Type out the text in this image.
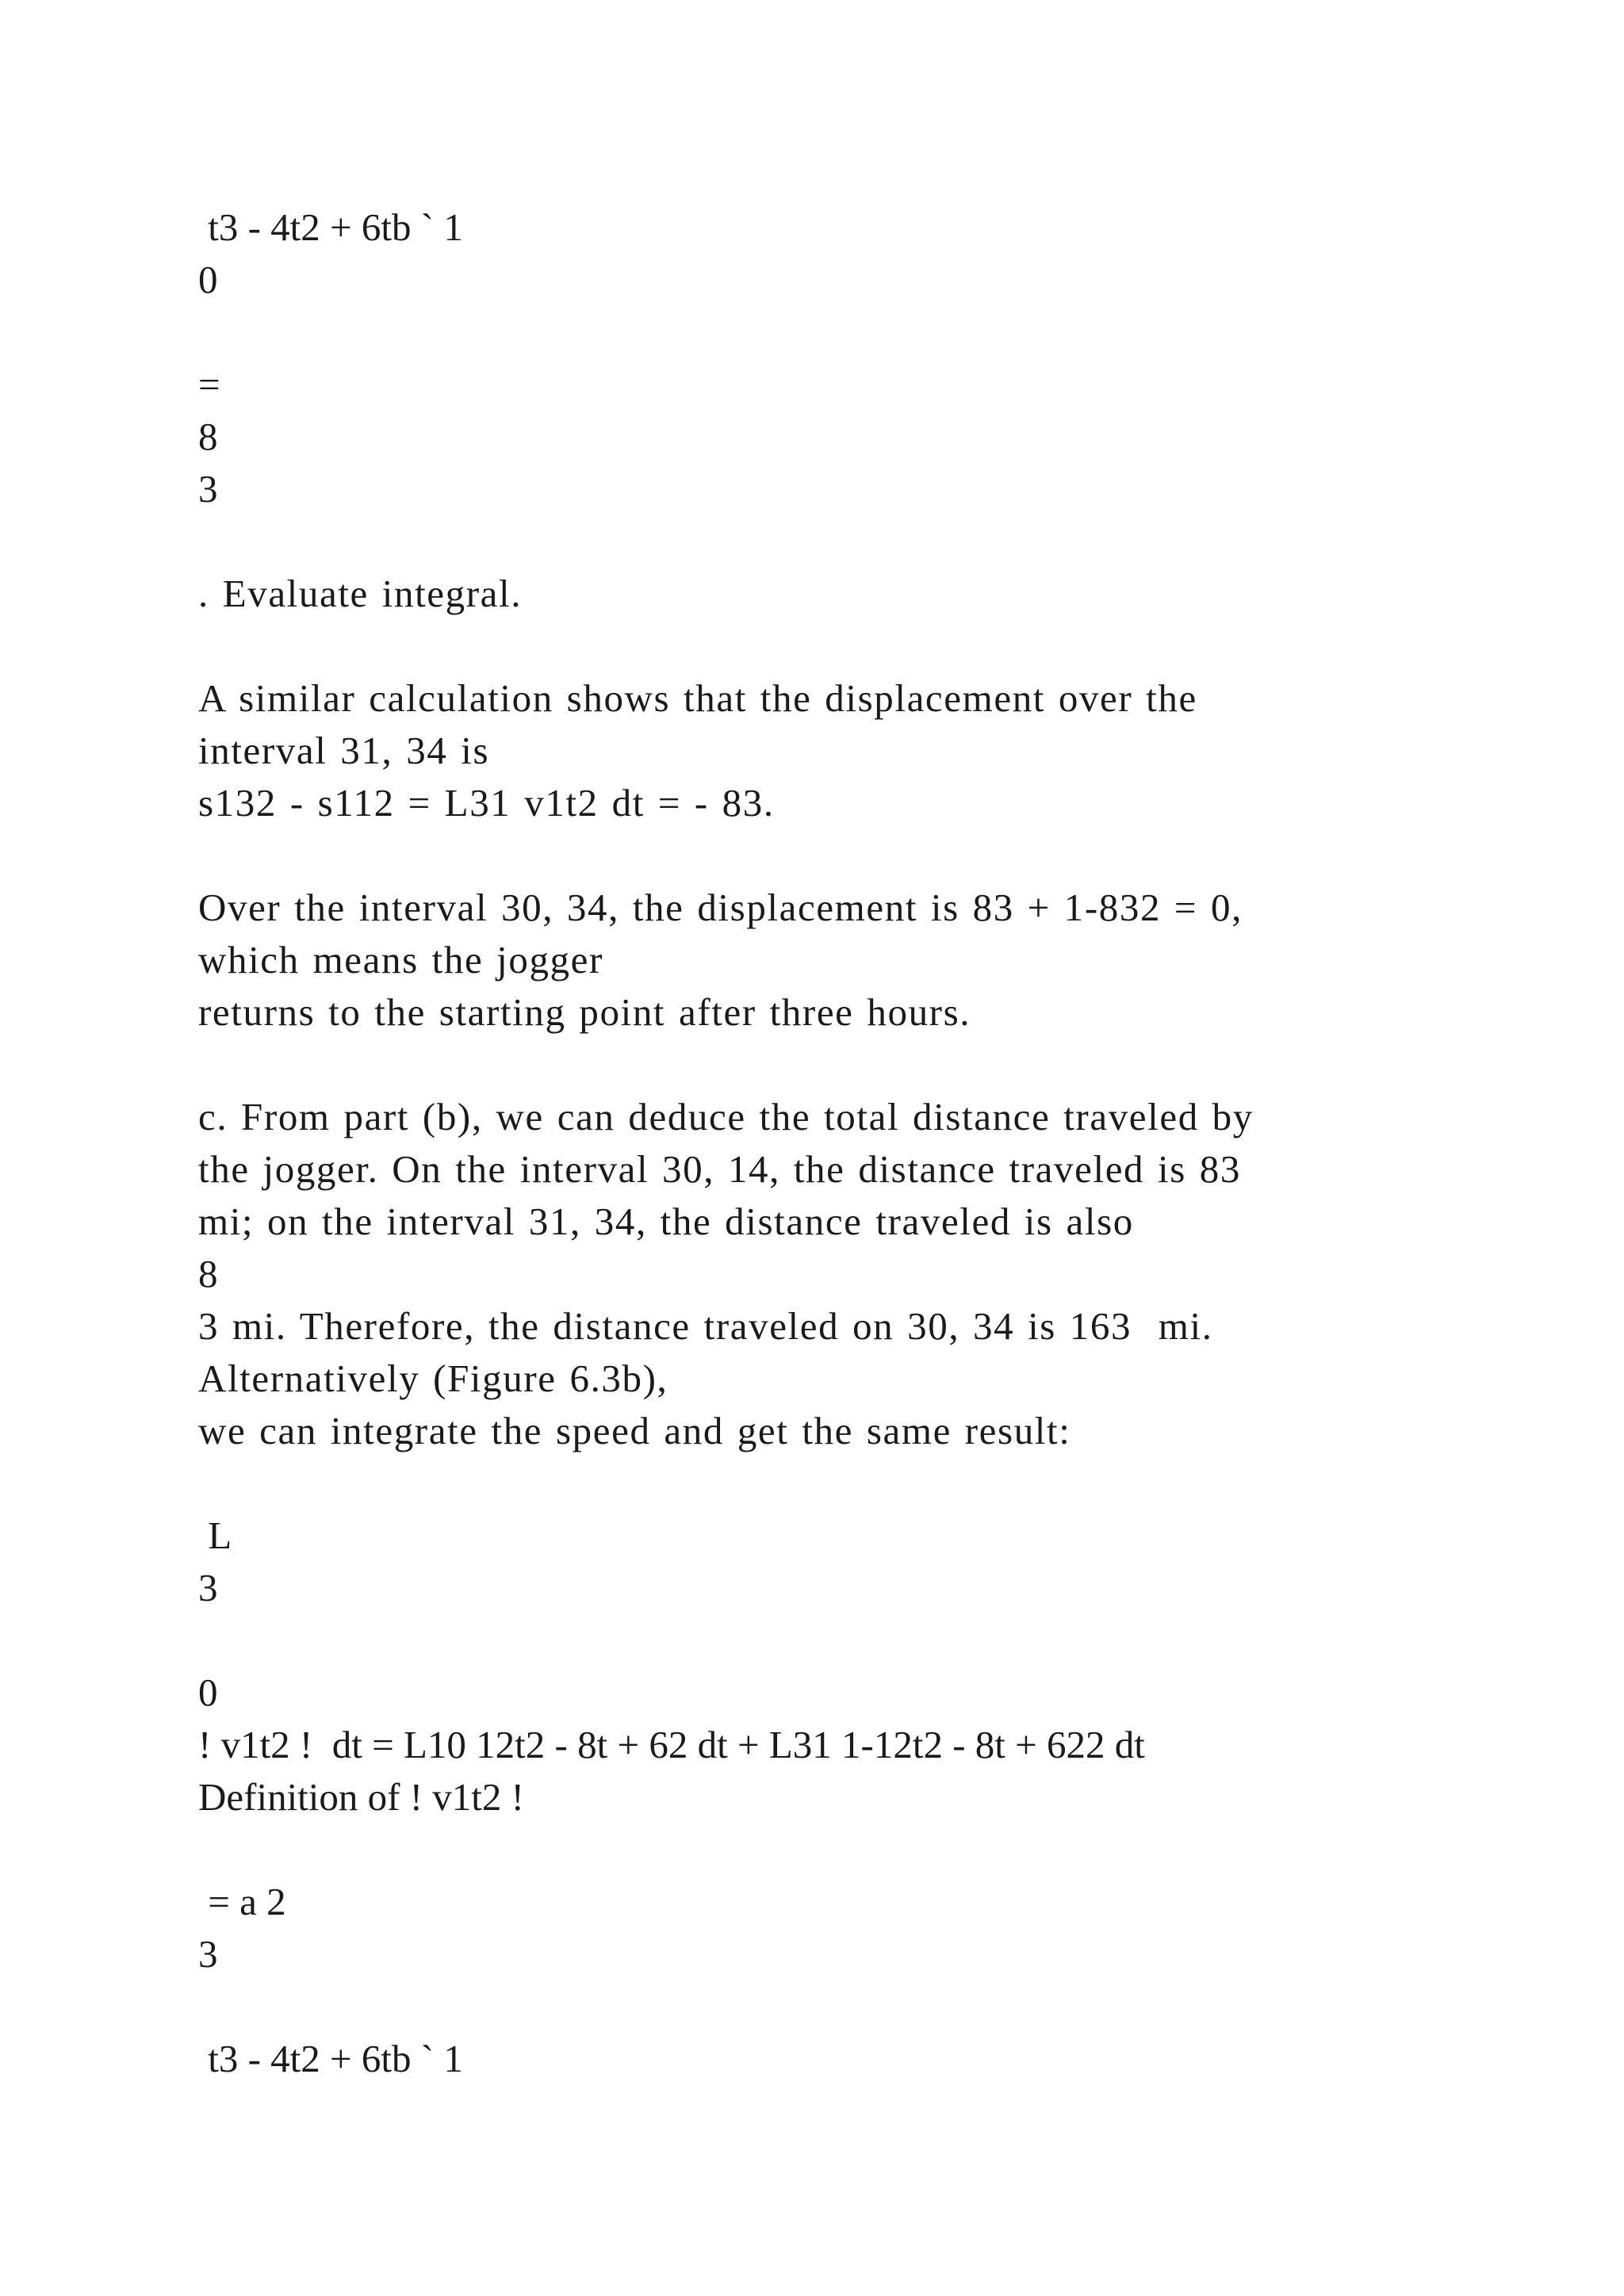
t3 - 4t2 + 6tb ` 1

0

=

8

3

. Evaluate integral.

A similar calculation shows that the displacement over the

interval 31, 34 is

s132 - s112 = L31 v1t2 dt = - 83.

Over the interval 30, 34, the displacement is 83 + 1-832 = 0,

which means the jogger

returns to the starting point after three hours.

c. From part (b), we can deduce the total distance traveled by

the jogger. On the interval 30, 14, the distance traveled is 83

mi; on the interval 31, 34, the distance traveled is also

8

3 mi. Therefore, the distance traveled on 30, 34 is 163  mi.

Alternatively (Figure 6.3b),

we can integrate the speed and get the same result:

L

3

0

! v1t2 !  dt = L10 12t2 - 8t + 62 dt + L31 1-12t2 - 8t + 622 dt

Definition of ! v1t2 !

= a 2

3

t3 - 4t2 + 6tb ` 1
